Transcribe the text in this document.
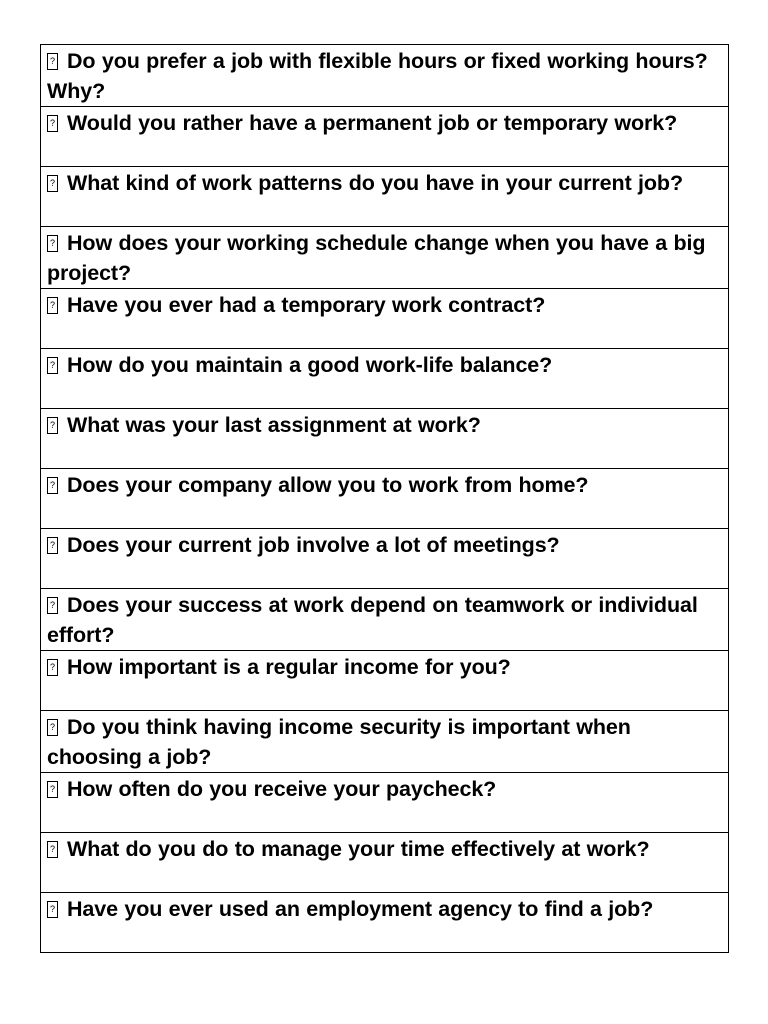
? Do you prefer a job with flexible hours or fixed working hours? Why?
? Would you rather have a permanent job or temporary work?
? What kind of work patterns do you have in your current job?
? How does your working schedule change when you have a big project?
? Have you ever had a temporary work contract?
? How do you maintain a good work-life balance?
? What was your last assignment at work?
? Does your company allow you to work from home?
? Does your current job involve a lot of meetings?
? Does your success at work depend on teamwork or individual effort?
? How important is a regular income for you?
? Do you think having income security is important when choosing a job?
? How often do you receive your paycheck?
? What do you do to manage your time effectively at work?
? Have you ever used an employment agency to find a job?
